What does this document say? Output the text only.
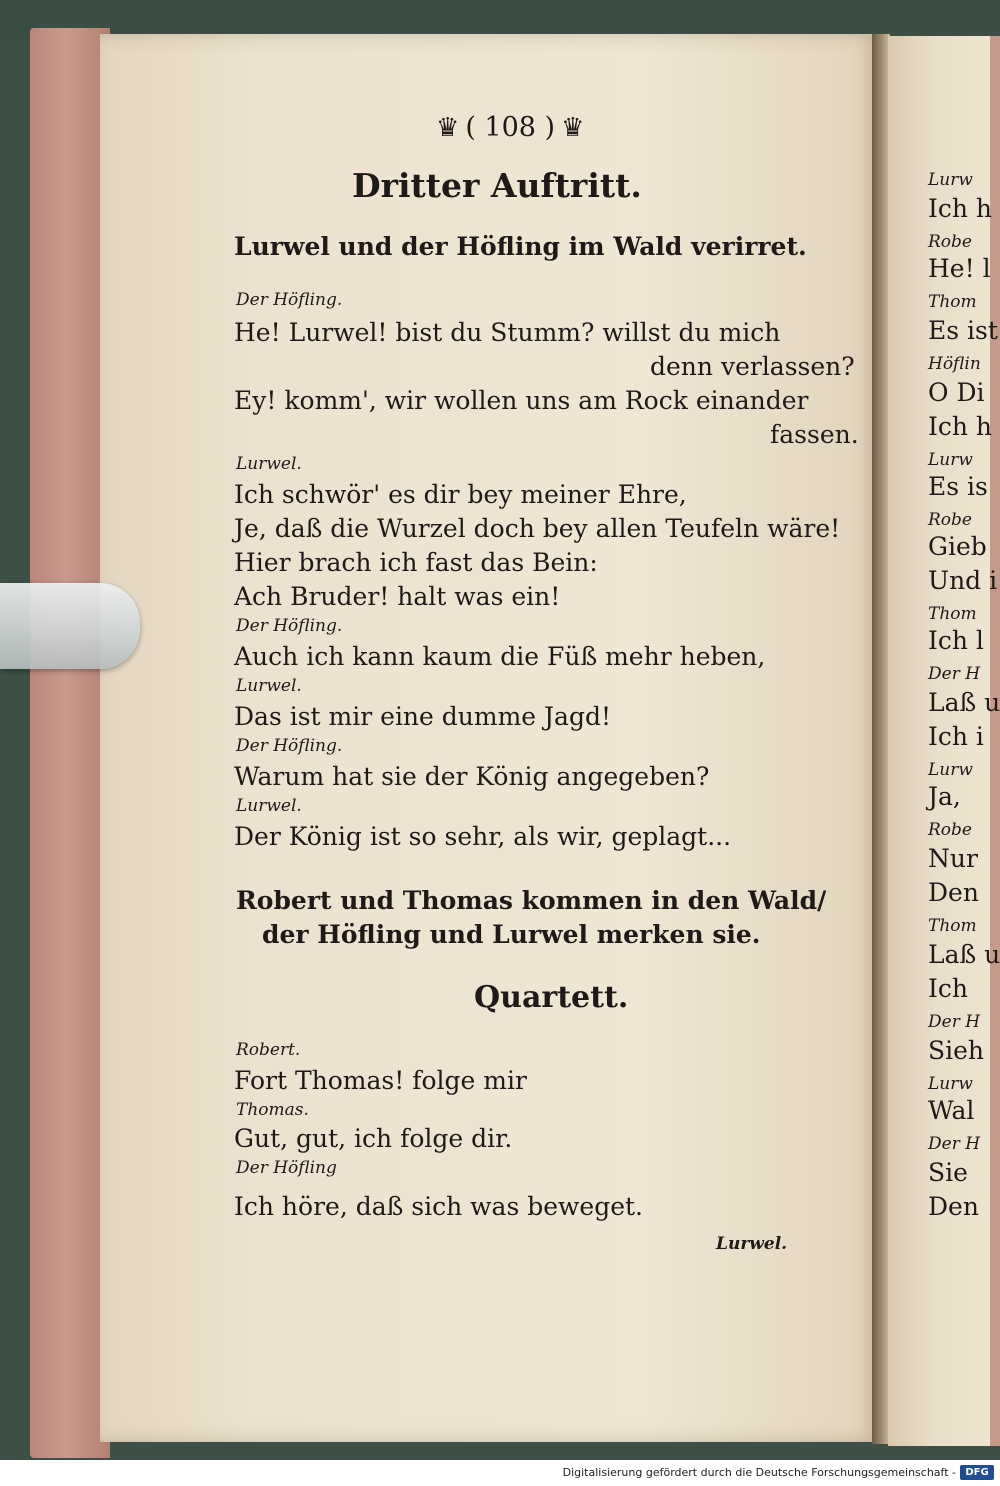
♛ ( 108 ) ♛
Dritter Auftritt.
Lurwel und der Höfling im Wald verirret.
Der Höfling.
He! Lurwel! bist du Stumm? willst du mich
denn verlassen?
Ey! komm', wir wollen uns am Rock einander
fassen.
Lurwel.
Ich schwör' es dir bey meiner Ehre,
Je, daß die Wurzel doch bey allen Teufeln wäre!
Hier brach ich fast das Bein:
Ach Bruder! halt was ein!
Der Höfling.
Auch ich kann kaum die Füß mehr heben,
Lurwel.
Das ist mir eine dumme Jagd!
Der Höfling.
Warum hat sie der König angegeben?
Lurwel.
Der König ist so sehr, als wir, geplagt...
Robert und Thomas kommen in den Wald/
der Höfling und Lurwel merken sie.
Quartett.
Robert.
Fort Thomas! folge mir
Thomas.
Gut, gut, ich folge dir.
Der Höfling
Ich höre, daß sich was beweget.
Lurwel.
Lurw
Ich h
Robe
He! l
Thom
Es ist
Höflin
O Di
Ich h
Lurw
Es is
Robe
Gieb
Und i
Thom
Ich l
Der H
Laß u
Ich i
Lurw
Ja,
Robe
Nur
Den
Thom
Laß u
Ich
Der H
Sieh
Lurw
Wal
Der H
Sie
Den
Digitalisierung gefördert durch die Deutsche Forschungsgemeinschaft - DFG
